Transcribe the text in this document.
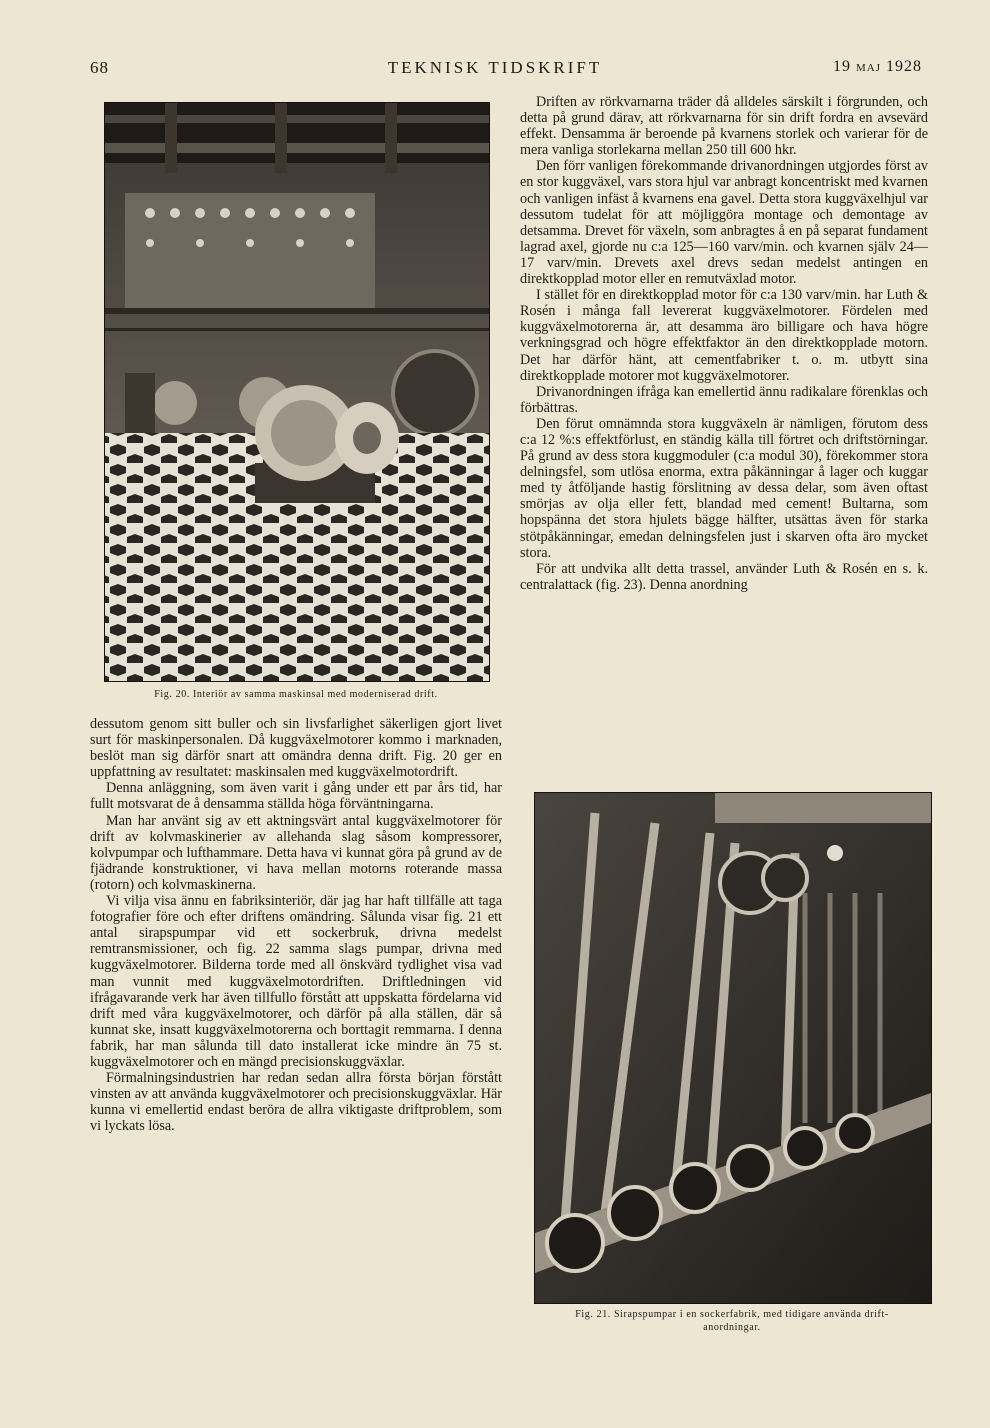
TEKNISK TIDSKRIFT
68	19 MAJ 1928
Fig. 20. Interiör av samma maskinsal med moderniserad drift.
Fig. 21. Sirapspumpar i en sockerfabrik, med tidigare använda drift-
anordningar.

dessutom genom sitt buller och sin livsfarlighet säkerligen gjort livet surt för maskinpersonalen. Då kuggväxelmotorer kommo i marknaden, beslöt man sig därför snart att omändra denna drift. Fig. 20 ger en uppfattning av resultatet: maskinsalen med kuggväxelmotordrift.

Denna anläggning, som även varit i gång under ett par års tid, har fullt motsvarat de å densamma ställda höga förväntningarna.

Man har använt sig av ett aktningsvärt antal kuggväxelmotorer för drift av kolvmaskinerier av allehanda slag såsom kompressorer, kolvpumpar och lufthammare. Detta hava vi kunnat göra på grund av de fjädrande konstruktioner, vi hava mellan motorns roterande massa (rotorn) och kolvmaskinerna.

Vi vilja visa ännu en fabriksinteriör, där jag har haft tillfälle att taga fotografier före och efter driftens omändring. Sålunda visar fig. 21 ett antal sirapspumpar vid ett sockerbruk, drivna medelst remtransmissioner, och fig. 22 samma slags pumpar, drivna med kuggväxelmotorer. Bilderna torde med all önskvärd tydlighet visa vad man vunnit med kuggväxelmotordriften. Driftledningen vid ifrågavarande verk har även tillfullo förstått att uppskatta fördelarna vid drift med våra kuggväxelmotorer, och därför på alla ställen, där så kunnat ske, insatt kuggväxelmotorerna och borttagit remmarna. I denna fabrik, har man sålunda till dato installerat icke mindre än 75 st. kuggväxelmotorer och en mängd precisionskuggväxlar.

Förmalningsindustrien har redan sedan allra första början förstått vinsten av att använda kuggväxelmotorer och precisionskuggväxlar. Här kunna vi emellertid endast beröra de allra viktigaste driftproblem, som vi lyckats lösa.

Driften av rörkvarnarna träder då alldeles särskilt i förgrunden, och detta på grund därav, att rörkvarnarna för sin drift fordra en avsevärd effekt. Densamma är beroende på kvarnens storlek och varierar för de mera vanliga storlekarna mellan 250 till 600 hkr.

Den förr vanligen förekommande drivanordningen utgjordes först av en stor kuggväxel, vars stora hjul var anbragt koncentriskt med kvarnen och vanligen infäst å kvarnens ena gavel. Detta stora kuggväxelhjul var dessutom tudelat för att möjliggöra montage och demontage av detsamma. Drevet för växeln, som anbragtes å en på separat fundament lagrad axel, gjorde nu c:a 125—160 varv/min. och kvarnen själv 24—17 varv/min. Drevets axel drevs sedan medelst antingen en direktkopplad motor eller en remutväxlad motor.

I stället för en direktkopplad motor för c:a 130 varv/min. har Luth & Rosén i många fall levererat kuggväxelmotorer. Fördelen med kuggväxelmotorerna är, att desamma äro billigare och hava högre verkningsgrad och högre effektfaktor än den direktkopplade motorn. Det har därför hänt, att cementfabriker t. o. m. utbytt sina direktkopplade motorer mot kuggväxelmotorer.

Drivanordningen ifråga kan emellertid ännu radikalare förenklas och förbättras.

Den förut omnämnda stora kuggväxeln är nämligen, förutom dess c:a 12 %:s effektförlust, en ständig källa till förtret och driftstörningar. På grund av dess stora kuggmoduler (c:a modul 30), förekommer stora delningsfel, som utlösa enorma, extra påkänningar å lager och kuggar med ty åtföljande hastig förslitning av dessa delar, som även oftast smörjas av olja eller fett, blandad med cement! Bultarna, som hopspänna det stora hjulets bägge hälfter, utsättas även för starka stötpåkänningar, emedan delningsfelen just i skarven ofta äro mycket stora.

För att undvika allt detta trassel, använder Luth & Rosén en s. k. centralattack (fig. 23). Denna anordning
